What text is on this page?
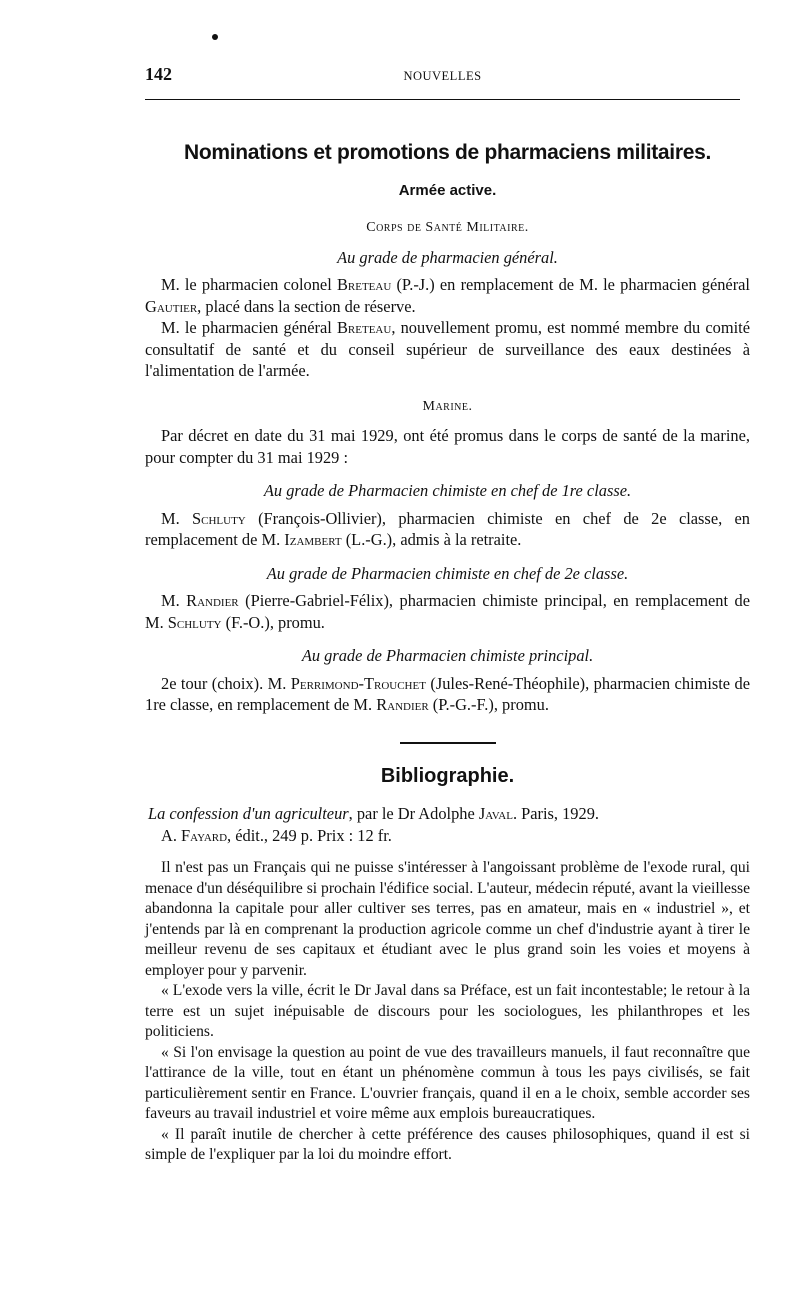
142	NOUVELLES
Nominations et promotions de pharmaciens militaires.
Armée active.
Corps de Santé Militaire.
Au grade de pharmacien général.

M. le pharmacien colonel Breteau (P.-J.) en remplacement de M. le pharmacien général Gautier, placé dans la section de réserve.

M. le pharmacien général Breteau, nouvellement promu, est nommé membre du comité consultatif de santé et du conseil supérieur de surveillance des eaux destinées à l'alimentation de l'armée.

Marine.

Par décret en date du 31 mai 1929, ont été promus dans le corps de santé de la marine, pour compter du 31 mai 1929 :

Au grade de Pharmacien chimiste en chef de 1re classe.

M. Schluty (François-Ollivier), pharmacien chimiste en chef de 2e classe, en remplacement de M. Izambert (L.-G.), admis à la retraite.

Au grade de Pharmacien chimiste en chef de 2e classe.

M. Randier (Pierre-Gabriel-Félix), pharmacien chimiste principal, en remplacement de M. Schluty (F.-O.), promu.

Au grade de Pharmacien chimiste principal.

2e tour (choix). M. Perrimond-Trouchet (Jules-René-Théophile), pharmacien chimiste de 1re classe, en remplacement de M. Randier (P.-G.-F.), promu.

Bibliographie.
La confession d'un agriculteur, par le Dr Adolphe Javal. Paris, 1929.
A. Fayard, édit., 249 p. Prix : 12 fr.

Il n'est pas un Français qui ne puisse s'intéresser à l'angoissant problème de l'exode rural, qui menace d'un déséquilibre si prochain l'édifice social. L'auteur, médecin réputé, avant la vieillesse abandonna la capitale pour aller cultiver ses terres, pas en amateur, mais en « industriel », et j'entends par là en comprenant la production agricole comme un chef d'industrie ayant à tirer le meilleur revenu de ses capitaux et étudiant avec le plus grand soin les voies et moyens à employer pour y parvenir.

« L'exode vers la ville, écrit le Dr Javal dans sa Préface, est un fait incontestable; le retour à la terre est un sujet inépuisable de discours pour les sociologues, les philanthropes et les politiciens.

« Si l'on envisage la question au point de vue des travailleurs manuels, il faut reconnaître que l'attirance de la ville, tout en étant un phénomène commun à tous les pays civilisés, se fait particulièrement sentir en France. L'ouvrier français, quand il en a le choix, semble accorder ses faveurs au travail industriel et voire même aux emplois bureaucratiques.

« Il paraît inutile de chercher à cette préférence des causes philosophiques, quand il est si simple de l'expliquer par la loi du moindre effort.
